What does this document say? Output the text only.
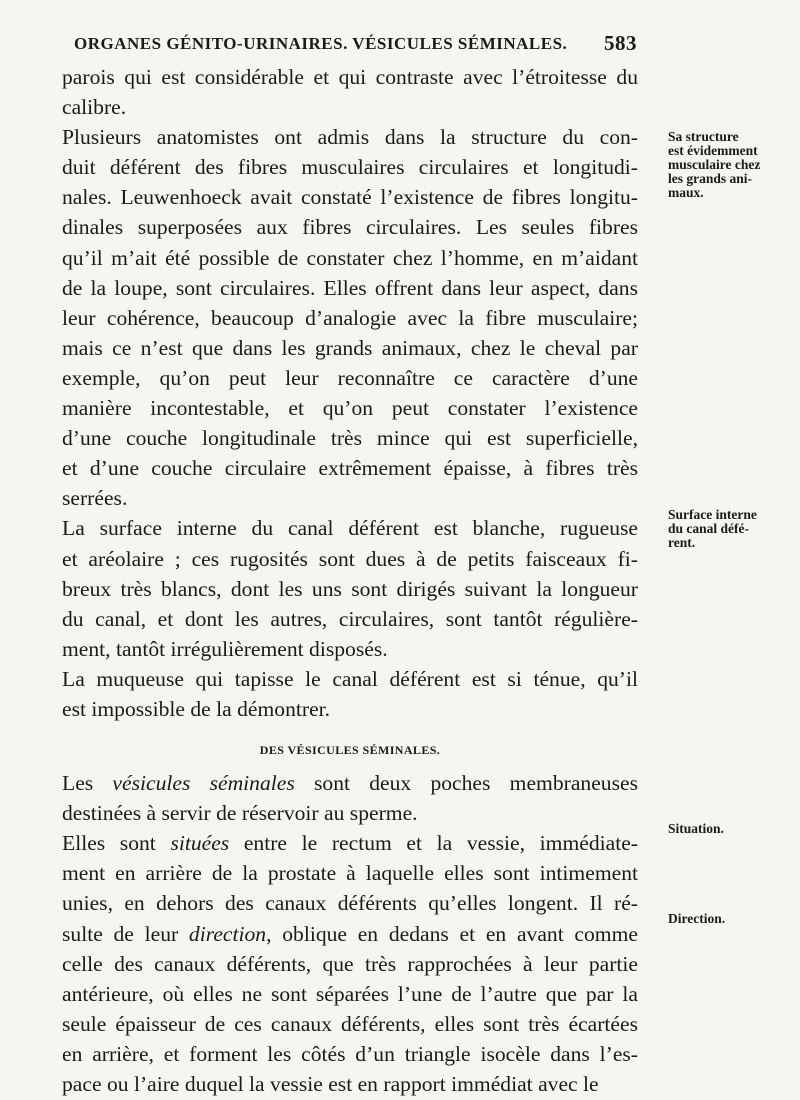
ORGANES GÉNITO-URINAIRES. VÉSICULES SÉMINALES. 583

parois qui est considérable et qui contraste avec l’étroitesse du
calibre.

Plusieurs anatomistes ont admis dans la structure du con-
duit déférent des fibres musculaires circulaires et longitudi-
nales. Leuwenhoeck avait constaté l’existence de fibres longitu-
dinales superposées aux fibres circulaires. Les seules fibres
qu’il m’ait été possible de constater chez l’homme, en m’aidant
de la loupe, sont circulaires. Elles offrent dans leur aspect, dans
leur cohérence, beaucoup d’analogie avec la fibre musculaire;
mais ce n’est que dans les grands animaux, chez le cheval par
exemple, qu’on peut leur reconnaître ce caractère d’une
manière incontestable, et qu’on peut constater l’existence
d’une couche longitudinale très mince qui est superficielle,
et d’une couche circulaire extrêmement épaisse, à fibres très
serrées.

La surface interne du canal déférent est blanche, rugueuse
et aréolaire ; ces rugosités sont dues à de petits faisceaux fi-
breux très blancs, dont les uns sont dirigés suivant la longueur
du canal, et dont les autres, circulaires, sont tantôt régulière-
ment, tantôt irrégulièrement disposés.

La muqueuse qui tapisse le canal déférent est si ténue, qu’il
est impossible de la démontrer.

DES VÉSICULES SÉMINALES.

Les vésicules séminales sont deux poches membraneuses
destinées à servir de réservoir au sperme.

Elles sont situées entre le rectum et la vessie, immédiate-
ment en arrière de la prostate à laquelle elles sont intimement
unies, en dehors des canaux déférents qu’elles longent. Il ré-
sulte de leur direction, oblique en dedans et en avant comme
celle des canaux déférents, que très rapprochées à leur partie
antérieure, où elles ne sont séparées l’une de l’autre que par la
seule épaisseur de ces canaux déférents, elles sont très écartées
en arrière, et forment les côtés d’un triangle isocèle dans l’es-
pace ou l’aire duquel la vessie est en rapport immédiat avec le

Sa structure
est évidemment
musculaire chez
les grands ani-
maux.
Surface interne
du canal défé-
rent.
Situation.
Direction.
